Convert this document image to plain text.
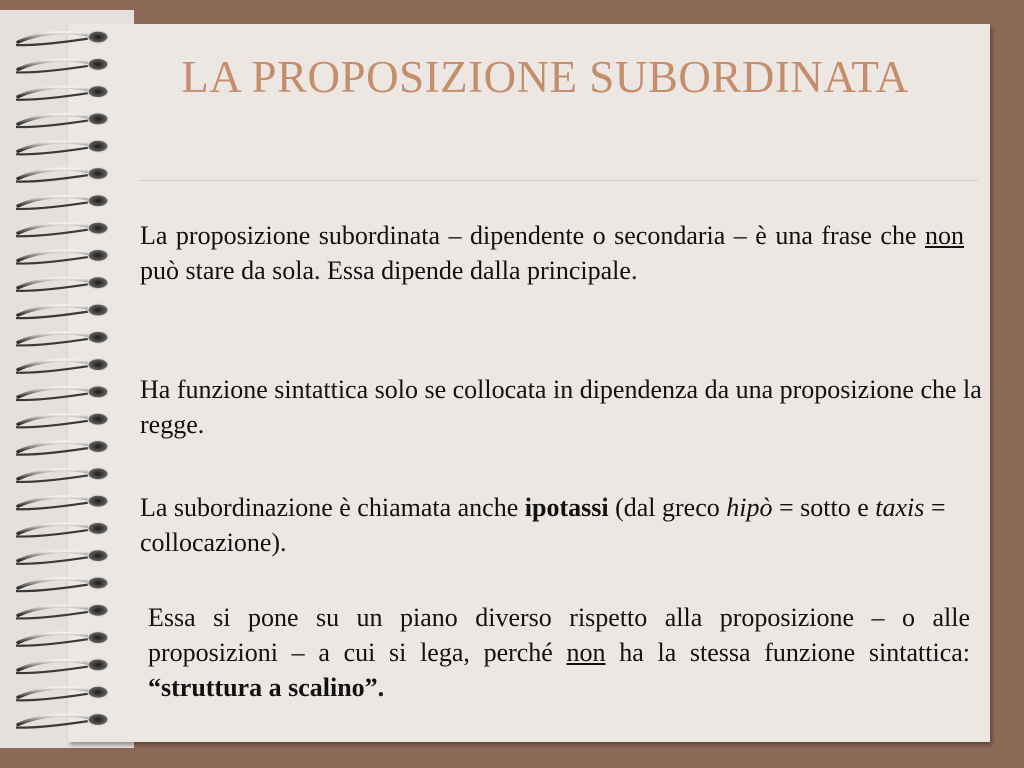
LA PROPOSIZIONE SUBORDINATA

La proposizione subordinata – dipendente o secondaria – è una frase che non può stare da sola. Essa dipende dalla principale.

Ha funzione sintattica solo se collocata in dipendenza da una proposizione che la regge.

La subordinazione è chiamata anche ipotassi (dal greco hipò = sotto e taxis = collocazione).

Essa si pone su un piano diverso rispetto alla proposizione – o alle proposizioni – a cui si lega, perché non ha la stessa funzione sintattica: “struttura a scalino”.
